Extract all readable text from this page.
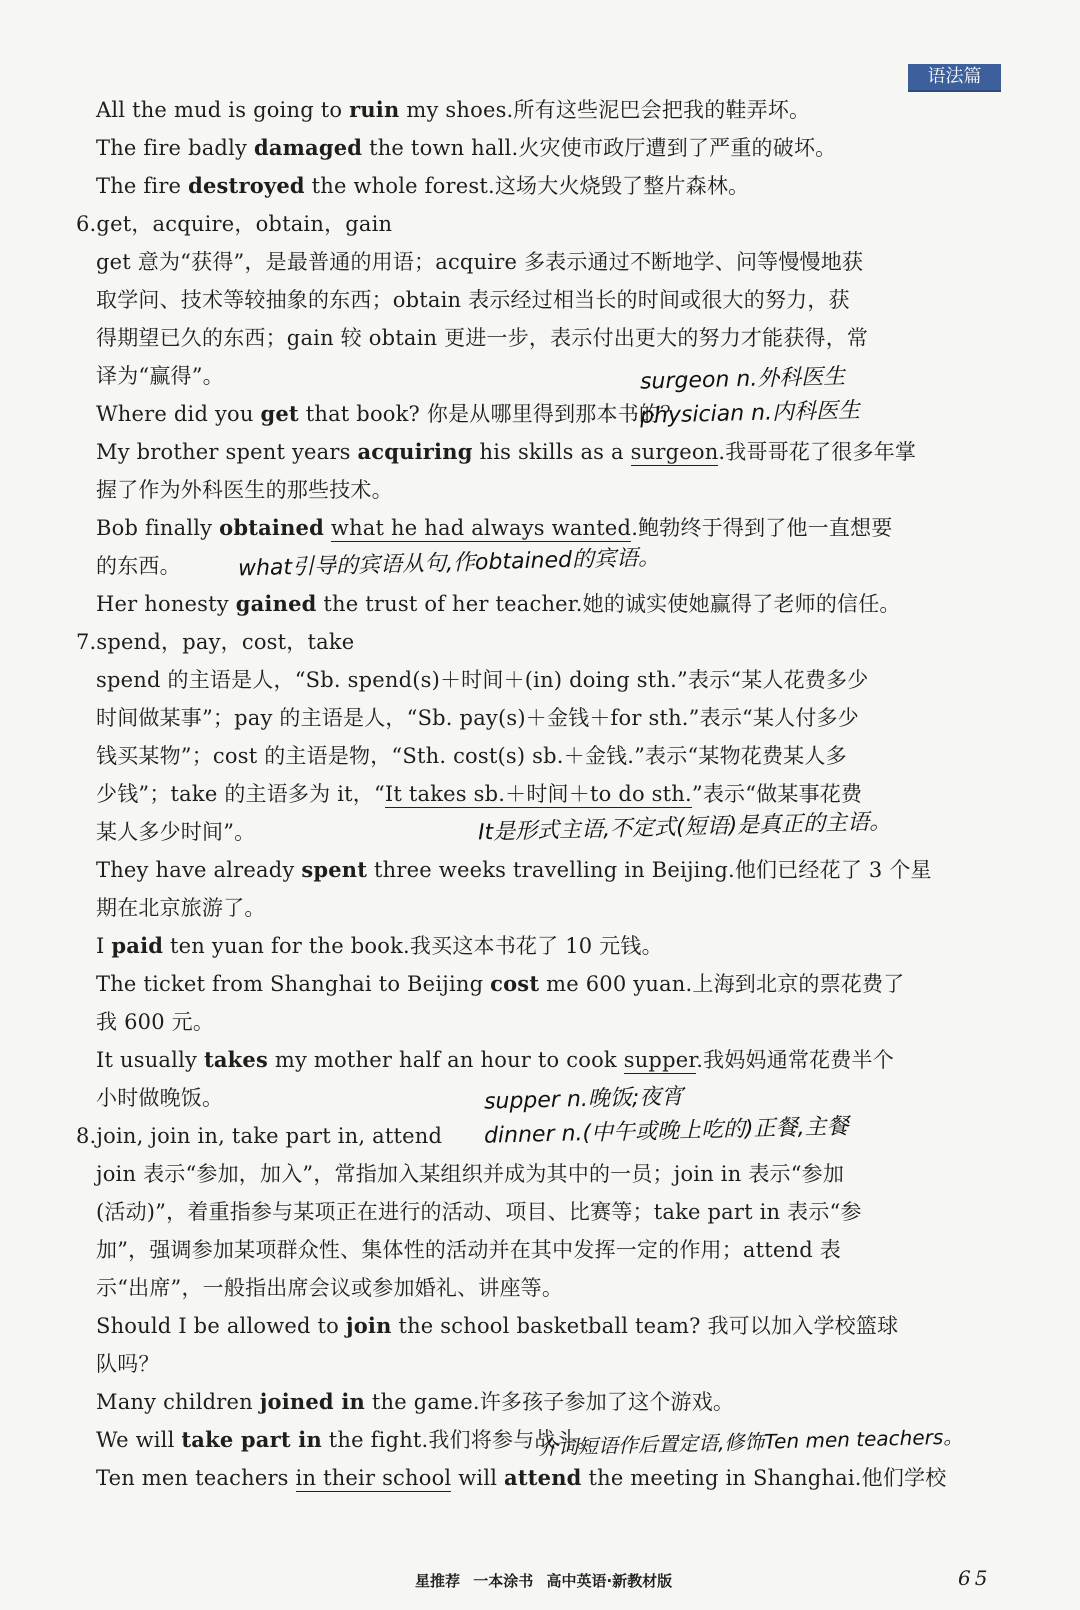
语法篇
All the mud is going to ruin my shoes.所有这些泥巴会把我的鞋弄坏。
The fire badly damaged the town hall.火灾使市政厅遭到了严重的破坏。
The fire destroyed the whole forest.这场大火烧毁了整片森林。
6.get，acquire，obtain，gain
get 意为“获得”，是最普通的用语；acquire 多表示通过不断地学、问等慢慢地获
取学问、技术等较抽象的东西；obtain 表示经过相当长的时间或很大的努力，获
得期望已久的东西；gain 较 obtain 更进一步，表示付出更大的努力才能获得，常
译为“赢得”。
Where did you get that book? 你是从哪里得到那本书的？
My brother spent years acquiring his skills as a surgeon.我哥哥花了很多年掌
握了作为外科医生的那些技术。
Bob finally obtained what he had always wanted.鲍勃终于得到了他一直想要
的东西。
Her honesty gained the trust of her teacher.她的诚实使她赢得了老师的信任。
7.spend，pay，cost，take
spend 的主语是人，“Sb. spend(s)＋时间＋(in) doing sth.”表示“某人花费多少
时间做某事”；pay 的主语是人，“Sb. pay(s)＋金钱＋for sth.”表示“某人付多少
钱买某物”；cost 的主语是物，“Sth. cost(s) sb.＋金钱.”表示“某物花费某人多
少钱”；take 的主语多为 it，“It takes sb.＋时间＋to do sth.”表示“做某事花费
某人多少时间”。
They have already spent three weeks travelling in Beijing.他们已经花了 3 个星
期在北京旅游了。
I paid ten yuan for the book.我买这本书花了 10 元钱。
The ticket from Shanghai to Beijing cost me 600 yuan.上海到北京的票花费了
我 600 元。
It usually takes my mother half an hour to cook supper.我妈妈通常花费半个
小时做晚饭。
8.join, join in, take part in, attend
join 表示“参加，加入”，常指加入某组织并成为其中的一员；join in 表示“参加
(活动)”，着重指参与某项正在进行的活动、项目、比赛等；take part in 表示“参
加”，强调参加某项群众性、集体性的活动并在其中发挥一定的作用；attend 表
示“出席”，一般指出席会议或参加婚礼、讲座等。
Should I be allowed to join the school basketball team? 我可以加入学校篮球
队吗？
Many children joined in the game.许多孩子参加了这个游戏。
We will take part in the fight.我们将参与战斗。
Ten men teachers in their school will attend the meeting in Shanghai.他们学校
surgeon n.外科医生
physician n.内科医生
what引导的宾语从句,作obtained的宾语。
It是形式主语,不定式(短语)是真正的主语。
supper n.晚饭;夜宵
dinner n.(中午或晚上吃的)正餐,主餐
介词短语作后置定语,修饰Ten men teachers。
星推荐 一本涂书 高中英语·新教材版	65
